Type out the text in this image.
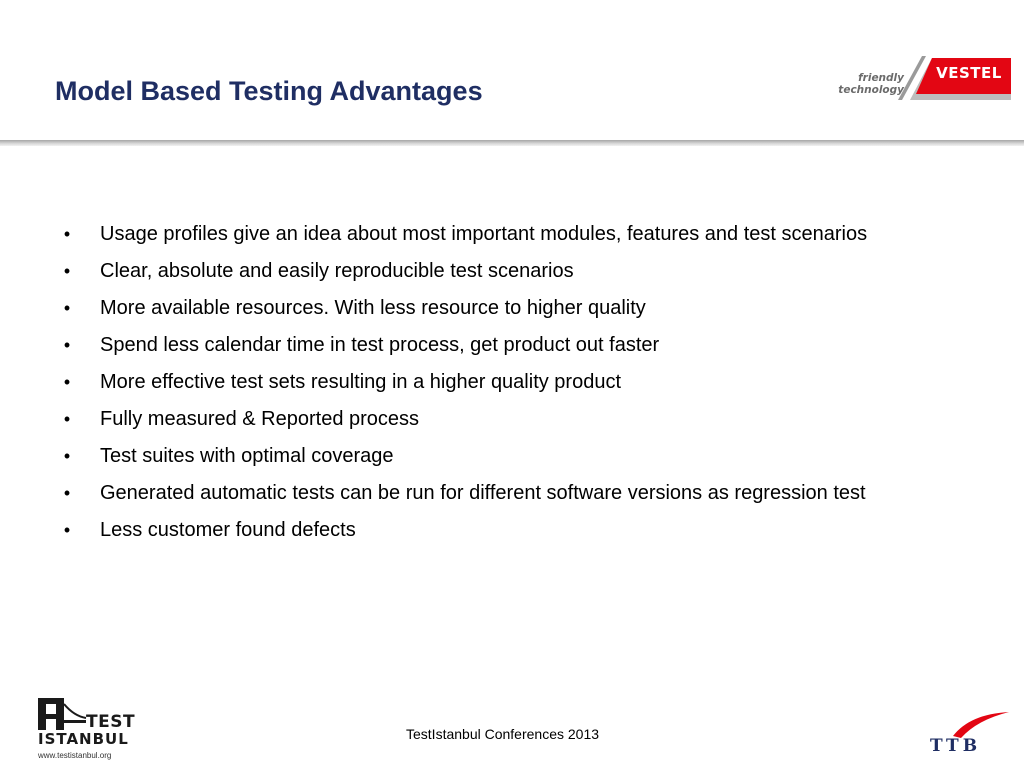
Model Based Testing Advantages	friendly
technology
VESTEL
• Usage profiles give an idea about most important modules, features and test scenarios
• Clear, absolute and easily reproducible test scenarios
• More available resources. With less resource to higher quality
• Spend less calendar time in test process, get product out faster
• More effective test sets resulting in a higher quality product
• Fully measured & Reported process
• Test suites with optimal coverage
• Generated automatic tests can be run for different software versions as regression test
• Less customer found defects
TEST
ISTANBUL
www.testistanbul.org
TestIstanbul Conferences 2013
TTB
